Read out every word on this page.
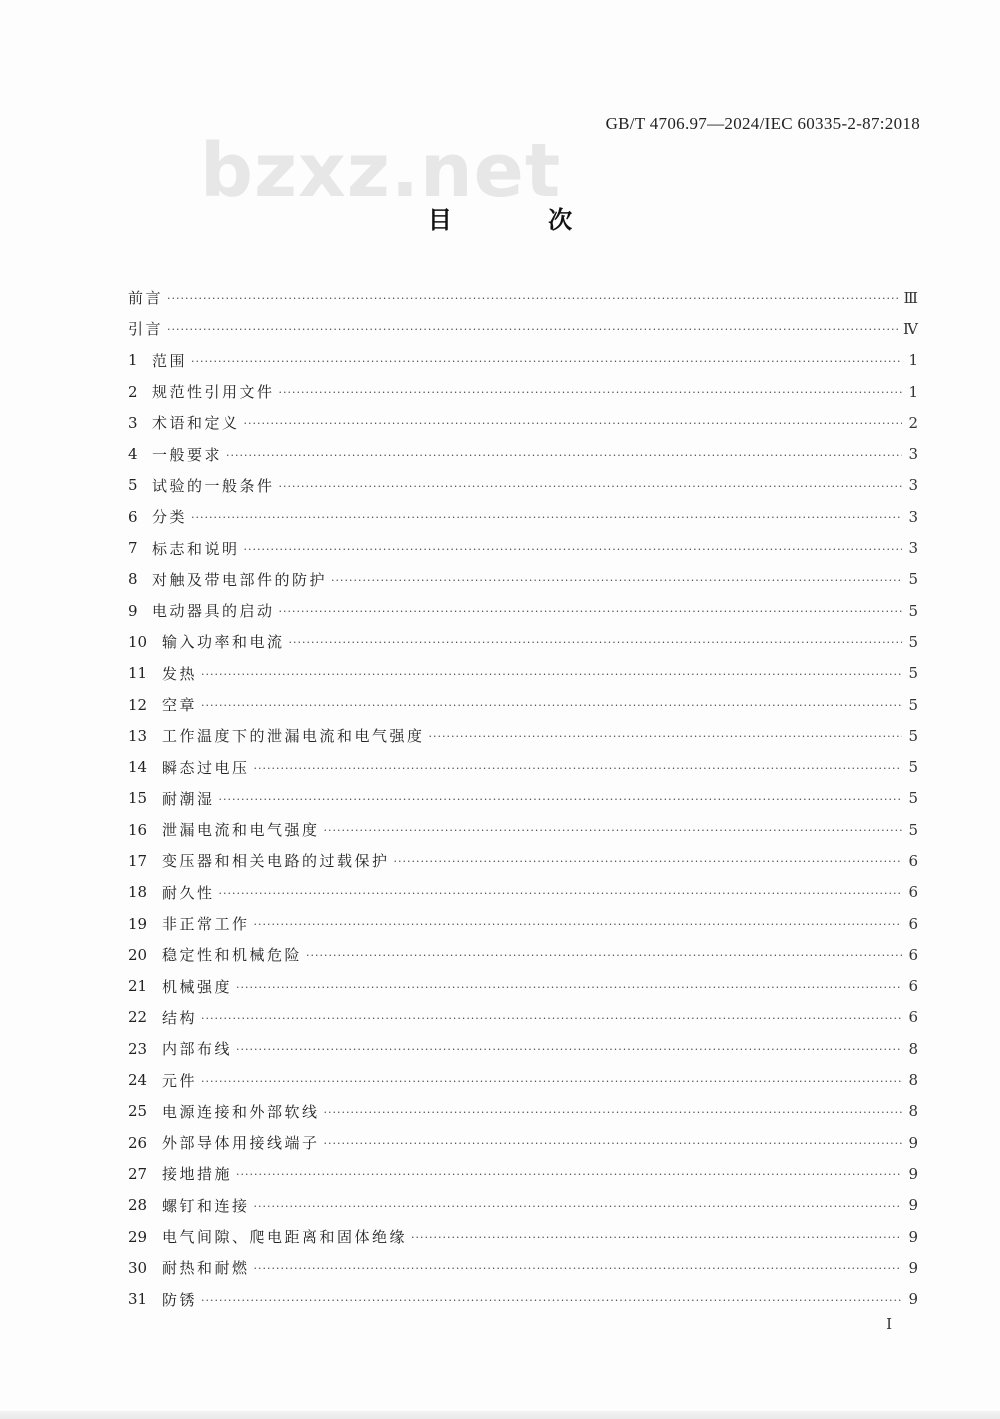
GB/T 4706.97—2024/IEC 60335-2-87:2018
bzxz.net
目 次
前言 ·····	Ⅲ
引言 ·····	Ⅳ
1 范围 ·····	1
2 规范性引用文件 ·····	1
3 术语和定义 ·····	2
4 一般要求 ·····	3
5 试验的一般条件 ·····	3
6 分类 ·····	3
7 标志和说明 ·····	3
8 对触及带电部件的防护 ·····	5
9 电动器具的启动 ·····	5
10 输入功率和电流 ·····	5
11 发热 ·····	5
12 空章 ·····	5
13 工作温度下的泄漏电流和电气强度 ·····	5
14 瞬态过电压 ·····	5
15 耐潮湿 ·····	5
16 泄漏电流和电气强度 ·····	5
17 变压器和相关电路的过载保护 ·····	6
18 耐久性 ·····	6
19 非正常工作 ·····	6
20 稳定性和机械危险 ·····	6
21 机械强度 ·····	6
22 结构 ·····	6
23 内部布线 ·····	8
24 元件 ·····	8
25 电源连接和外部软线 ·····	8
26 外部导体用接线端子 ·····	9
27 接地措施 ·····	9
28 螺钉和连接 ·····	9
29 电气间隙、爬电距离和固体绝缘 ·····	9
30 耐热和耐燃 ·····	9
31 防锈 ·····	9
I
